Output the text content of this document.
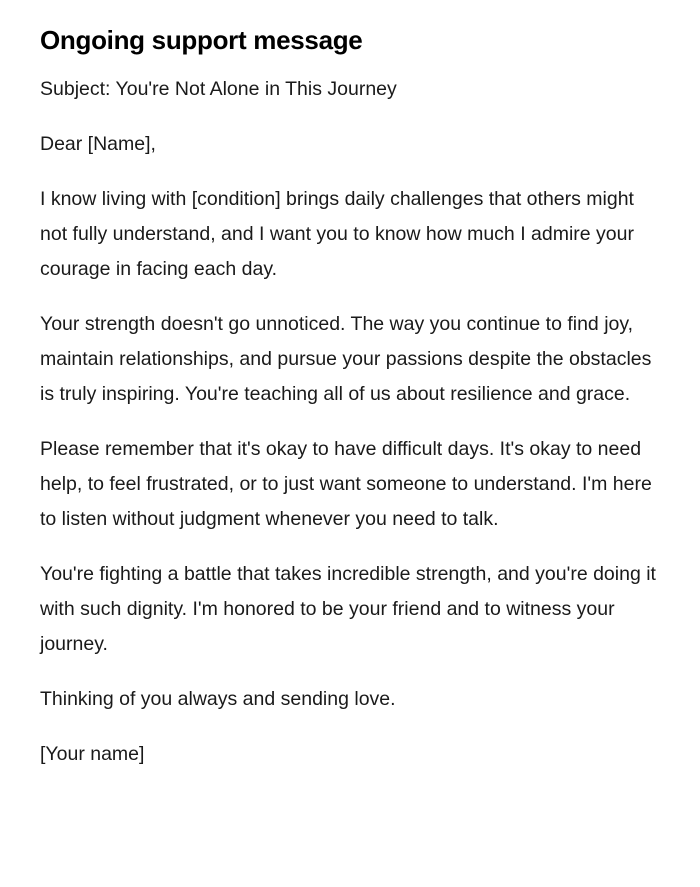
Ongoing support message

Subject: You're Not Alone in This Journey

Dear [Name],

I know living with [condition] brings daily challenges that others might not fully understand, and I want you to know how much I admire your courage in facing each day.

Your strength doesn't go unnoticed. The way you continue to find joy, maintain relationships, and pursue your passions despite the obstacles is truly inspiring. You're teaching all of us about resilience and grace.

Please remember that it's okay to have difficult days. It's okay to need help, to feel frustrated, or to just want someone to understand. I'm here to listen without judgment whenever you need to talk.

You're fighting a battle that takes incredible strength, and you're doing it with such dignity. I'm honored to be your friend and to witness your journey.

Thinking of you always and sending love.

[Your name]
